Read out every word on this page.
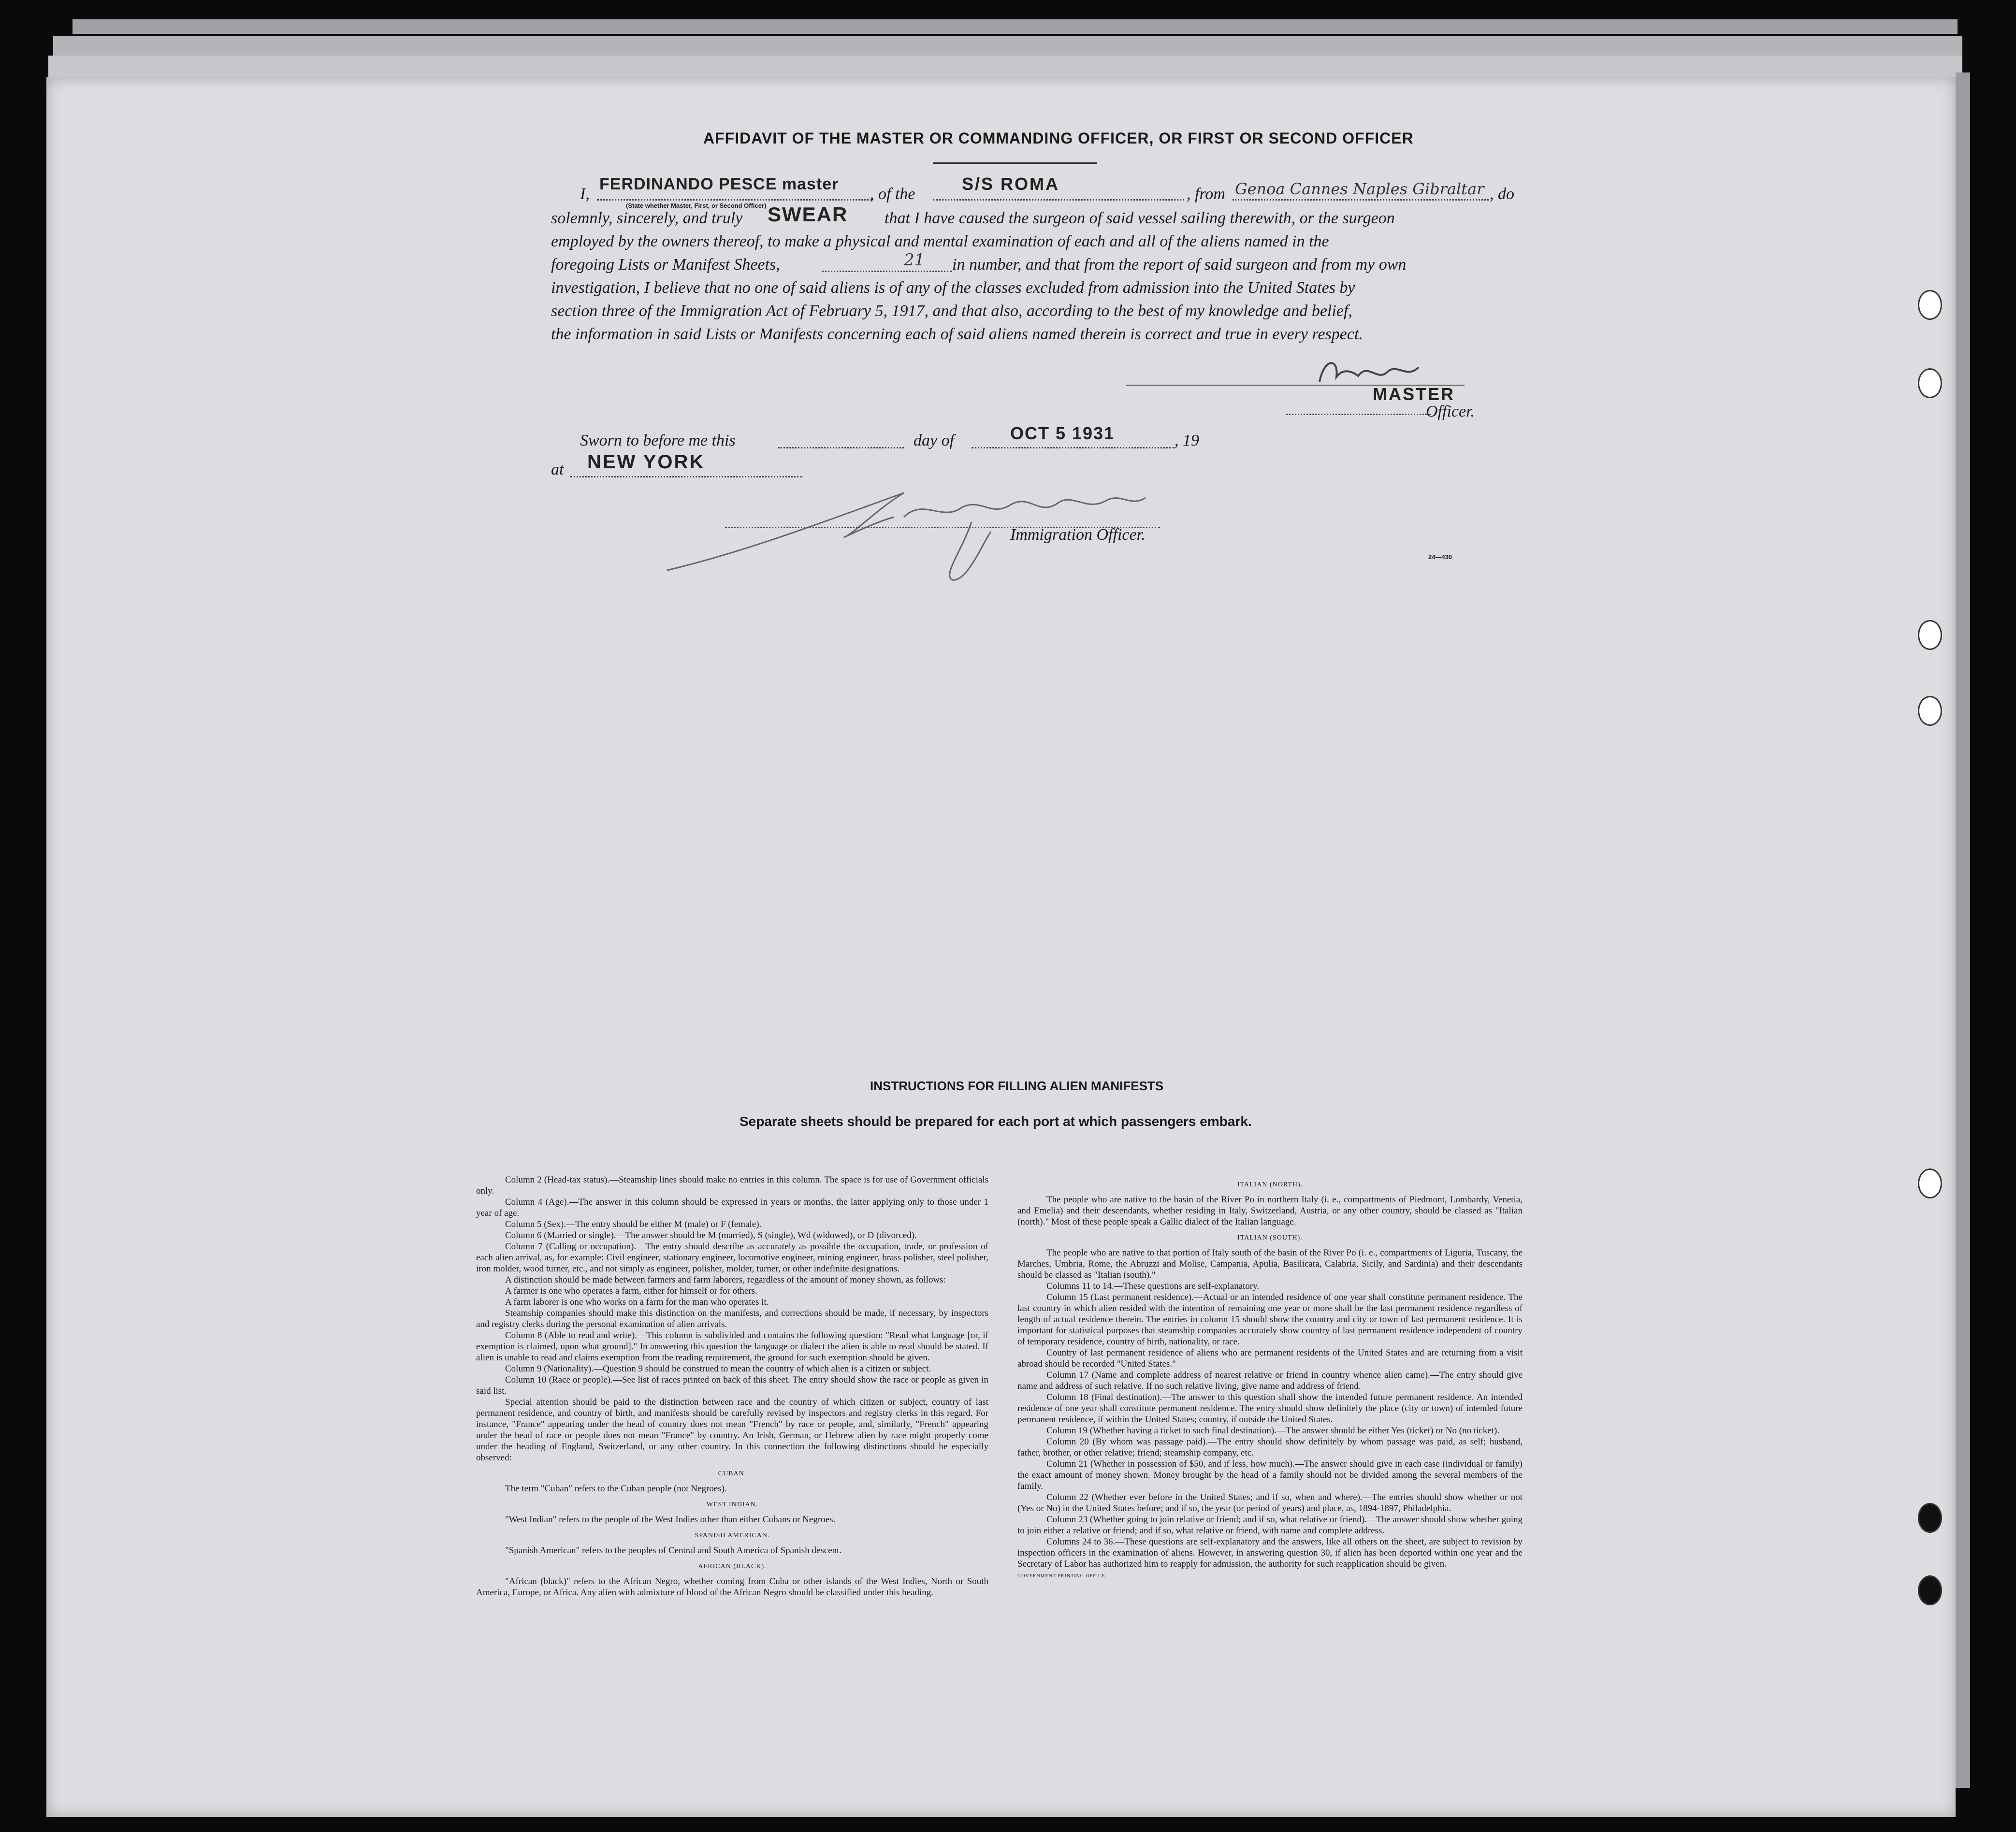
AFFIDAVIT OF THE MASTER OR COMMANDING OFFICER, OR FIRST OR SECOND OFFICER
I,
FERDINANDO PESCE master
(State whether Master, First, or Second Officer)
, of the
S/S ROMA
, from Genoa Cannes Naples Gibraltar , do
solemnly, sincerely, and truly SWEAR that I have caused the surgeon of said vessel sailing therewith, or the surgeon
employed by the owners thereof, to make a physical and mental examination of each and all of the aliens named in the
foregoing Lists or Manifest Sheets,	21 in number, and that from the report of said surgeon and from my own
investigation, I believe that no one of said aliens is of any of the classes excluded from admission into the United States by
section three of the Immigration Act of February 5, 1917, and that also, according to the best of my knowledge and belief,
the information in said Lists or Manifests concerning each of said aliens named therein is correct and true in every respect.
MASTER
Officer.
Sworn to before me this	day of	OCT 5 1931	, 19
at NEW YORK
Immigration Officer.
24—430
INSTRUCTIONS FOR FILLING ALIEN MANIFESTS
Separate sheets should be prepared for each port at which passengers embark.

Column 2 (Head-tax status).—Steamship lines should make no entries in this column. The space is for use of Government officials only.

Column 4 (Age).—The answer in this column should be expressed in years or months, the latter applying only to those under 1 year of age.

Column 5 (Sex).—The entry should be either M (male) or F (female).

Column 6 (Married or single).—The answer should be M (married), S (single), Wd (widowed), or D (divorced).

Column 7 (Calling or occupation).—The entry should describe as accurately as possible the occupation, trade, or profession of each alien arrival, as, for example: Civil engineer, stationary engineer, locomotive engineer, mining engineer, brass polisher, steel polisher, iron molder, wood turner, etc., and not simply as engineer, polisher, molder, turner, or other indefinite designations.

A distinction should be made between farmers and farm laborers, regardless of the amount of money shown, as follows:

A farmer is one who operates a farm, either for himself or for others.

A farm laborer is one who works on a farm for the man who operates it.

Steamship companies should make this distinction on the manifests, and corrections should be made, if necessary, by inspectors and registry clerks during the personal examination of alien arrivals.

Column 8 (Able to read and write).—This column is subdivided and contains the following question: "Read what language [or, if exemption is claimed, upon what ground]." In answering this question the language or dialect the alien is able to read should be stated. If alien is unable to read and claims exemption from the reading requirement, the ground for such exemption should be given.

Column 9 (Nationality).—Question 9 should be construed to mean the country of which alien is a citizen or subject.

Column 10 (Race or people).—See list of races printed on back of this sheet. The entry should show the race or people as given in said list.

Special attention should be paid to the distinction between race and the country of which citizen or subject, country of last permanent residence, and country of birth, and manifests should be carefully revised by inspectors and registry clerks in this regard. For instance, "France" appearing under the head of country does not mean "French" by race or people, and, similarly, "French" appearing under the head of race or people does not mean "France" by country. An Irish, German, or Hebrew alien by race might properly come under the heading of England, Switzerland, or any other country. In this connection the following distinctions should be especially observed:

CUBAN.

The term "Cuban" refers to the Cuban people (not Negroes).

WEST INDIAN.

"West Indian" refers to the people of the West Indies other than either Cubans or Negroes.

SPANISH AMERICAN.

"Spanish American" refers to the peoples of Central and South America of Spanish descent.

AFRICAN (BLACK).

"African (black)" refers to the African Negro, whether coming from Cuba or other islands of the West Indies, North or South America, Europe, or Africa. Any alien with admixture of blood of the African Negro should be classified under this heading.

ITALIAN (NORTH).

The people who are native to the basin of the River Po in northern Italy (i. e., compartments of Piedmont, Lombardy, Venetia, and Emelia) and their descendants, whether residing in Italy, Switzerland, Austria, or any other country, should be classed as "Italian (north)." Most of these people speak a Gallic dialect of the Italian language.

ITALIAN (SOUTH).

The people who are native to that portion of Italy south of the basin of the River Po (i. e., compartments of Liguria, Tuscany, the Marches, Umbria, Rome, the Abruzzi and Molise, Campania, Apulia, Basilicata, Calabria, Sicily, and Sardinia) and their descendants should be classed as "Italian (south)."

Columns 11 to 14.—These questions are self-explanatory.

Column 15 (Last permanent residence).—Actual or an intended residence of one year shall constitute permanent residence. The last country in which alien resided with the intention of remaining one year or more shall be the last permanent residence regardless of length of actual residence therein. The entries in column 15 should show the country and city or town of last permanent residence. It is important for statistical purposes that steamship companies accurately show country of last permanent residence independent of country of temporary residence, country of birth, nationality, or race.

Country of last permanent residence of aliens who are permanent residents of the United States and are returning from a visit abroad should be recorded "United States."

Column 17 (Name and complete address of nearest relative or friend in country whence alien came).—The entry should give name and address of such relative. If no such relative living, give name and address of friend.

Column 18 (Final destination).—The answer to this question shall show the intended future permanent residence. An intended residence of one year shall constitute permanent residence. The entry should show definitely the place (city or town) of intended future permanent residence, if within the United States; country, if outside the United States.

Column 19 (Whether having a ticket to such final destination).—The answer should be either Yes (ticket) or No (no ticket).

Column 20 (By whom was passage paid).—The entry should show definitely by whom passage was paid, as self; husband, father, brother, or other relative; friend; steamship company, etc.

Column 21 (Whether in possession of $50, and if less, how much).—The answer should give in each case (individual or family) the exact amount of money shown. Money brought by the head of a family should not be divided among the several members of the family.

Column 22 (Whether ever before in the United States; and if so, when and where).—The entries should show whether or not (Yes or No) in the United States before; and if so, the year (or period of years) and place, as, 1894-1897, Philadelphia.

Column 23 (Whether going to join relative or friend; and if so, what relative or friend).—The answer should show whether going to join either a relative or friend; and if so, what relative or friend, with name and complete address.

Columns 24 to 36.—These questions are self-explanatory and the answers, like all others on the sheet, are subject to revision by inspection officers in the examination of aliens. However, in answering question 30, if alien has been deported within one year and the Secretary of Labor has authorized him to reapply for admission, the authority for such reapplication should be given.

GOVERNMENT PRINTING OFFICE
